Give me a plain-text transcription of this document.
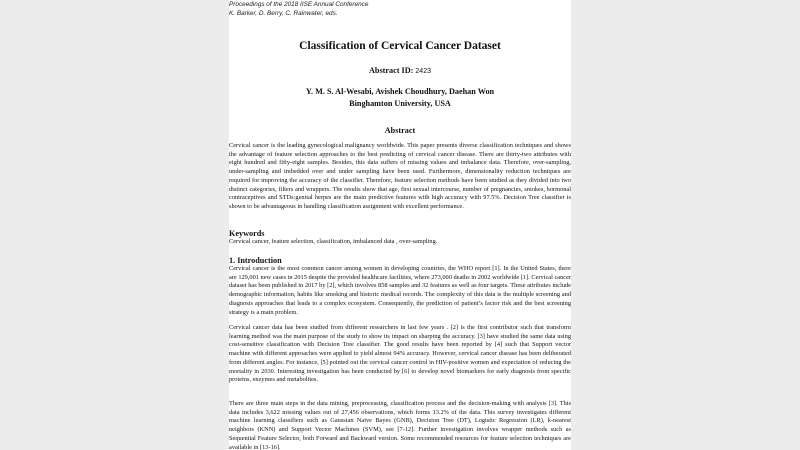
Proceedings of the 2018 IISE Annual Conference
K. Barker, D. Berry, C. Rainwater, eds.
Classification of Cervical Cancer Dataset
Abstract ID: 2423
Y. M. S. Al-Wesabi, Avishek Choudhury, Daehan Won
Binghamton University, USA
Abstract
Cervical cancer is the leading gynecological malignancy worldwide. This paper presents diverse classification techniques and shows the advantage of feature selection approaches to the best predicting of cervical cancer disease. There are thirty-two attributes with eight hundred and fifty-eight samples. Besides, this data suffers of missing values and imbalance data. Therefore, over-sampling, under-sampling and imbedded over and under sampling have been used. Furthermore, dimensionality reduction techniques are required for improving the accuracy of the classifier. Therefore, feature selection methods have been studied as they divided into two distinct categories, filters and wrappers. The results show that age, first sexual intercourse, number of pregnancies, smokes, hormonal contraceptives and STDs:genital herpes are the main predictive features with high accuracy with 97.5%. Decision Tree classifier is shown to be advantageous in handling classification assignment with excellent performance.
Keywords
Cervical cancer, feature selection, classification, imbalanced data , over-sampling.
1. Introduction
Cervical cancer is the most common cancer among women in developing countries, the WHO report [1]. In the United States, there are 129,001 new cases in 2015 despite the provided healthcare facilities, where 273,000 deaths in 2002 worldwide [1]. Cervical cancer dataset has been published in 2017 by [2], which involves 858 samples and 32 features as well as four targets. These attributes include demographic information, habits like smoking and historic medical records. The complexity of this data is the multiple screening and diagnosis approaches that leads to a complex ecosystem. Consequently, the prediction of patient’s factor risk and the best screening strategy is a main problem.
Cervical cancer data has been studied from different researchers in last few years . [2] is the first contributor such that transform learning method was the main purpose of the study to show its impact on sharping the accuracy. [3] have studied the same data using cost-sensitive classification with Decision Tree classifier. The good results have been reported by [4] such that Support vector machine with different approaches were applied to yield almost 94% accuracy. However, cervical cancer disease has been deliberated from different angles. For instance, [5] pointed out the cervical cancer control in HIV-positive women and expectation of reducing the mortality in 2030. Interesting investigation has been conducted by [6] to develop novel biomarkers for early diagnosis from specific proteins, enzymes and metabolites.
There are three main steps in the data mining, preprocessing, classification process and the decision-making with analysis [3]. This data includes 3,622 missing values out of 27,456 observations, which forms 13.2% of the data. This survey investigates different machine learning classifiers such as Gaussian Naive Bayes (GNB), Decision Tree (DT), Logistic Regression (LR), k-nearest neighbors (KNN) and Support Vector Machines (SVM), see [7-12]. Further investigation involves wrapper methods such as Sequential Feature Selector, both Forward and Backward version. Some recommended resources for feature selection techniques are available in [13-16].
